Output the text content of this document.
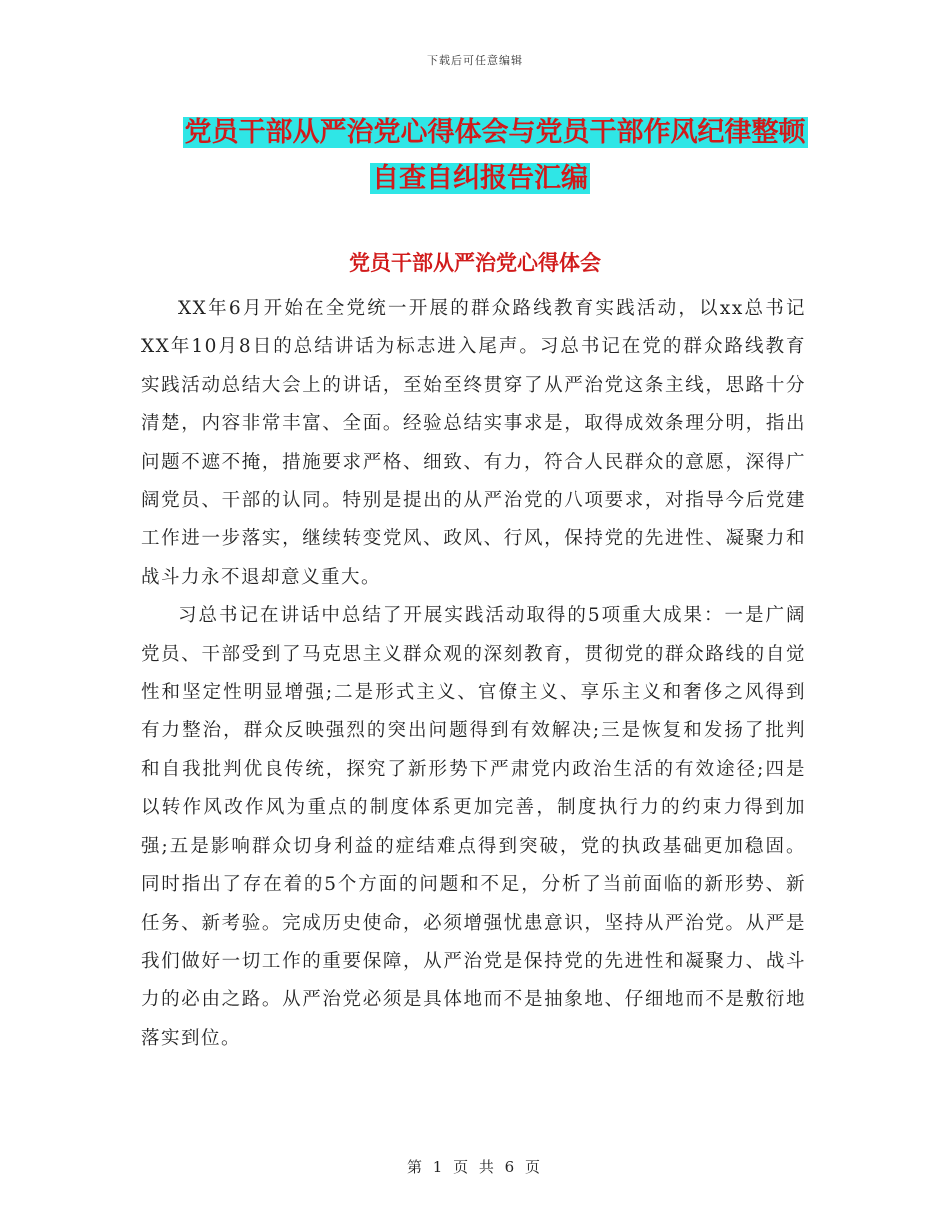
下载后可任意编辑
党员干部从严治党心得体会与党员干部作风纪律整顿
自查自纠报告汇编
党员干部从严治党心得体会

XX年6月开始在全党统一开展的群众路线教育实践活动，以xx总书记XX年10月8日的总结讲话为标志进入尾声。习总书记在党的群众路线教育实践活动总结大会上的讲话，至始至终贯穿了从严治党这条主线，思路十分清楚，内容非常丰富、全面。经验总结实事求是，取得成效条理分明，指出问题不遮不掩，措施要求严格、细致、有力，符合人民群众的意愿，深得广阔党员、干部的认同。特别是提出的从严治党的八项要求，对指导今后党建工作进一步落实，继续转变党风、政风、行风，保持党的先进性、凝聚力和战斗力永不退却意义重大。

习总书记在讲话中总结了开展实践活动取得的5项重大成果：一是广阔党员、干部受到了马克思主义群众观的深刻教育，贯彻党的群众路线的自觉性和坚定性明显增强;二是形式主义、官僚主义、享乐主义和奢侈之风得到有力整治，群众反映强烈的突出问题得到有效解决;三是恢复和发扬了批判和自我批判优良传统，探究了新形势下严肃党内政治生活的有效途径;四是以转作风改作风为重点的制度体系更加完善，制度执行力的约束力得到加强;五是影响群众切身利益的症结难点得到突破，党的执政基础更加稳固。同时指出了存在着的5个方面的问题和不足，分析了当前面临的新形势、新任务、新考验。完成历史使命，必须增强忧患意识，坚持从严治党。从严是我们做好一切工作的重要保障，从严治党是保持党的先进性和凝聚力、战斗力的必由之路。从严治党必须是具体地而不是抽象地、仔细地而不是敷衍地落实到位。

第 1 页 共 6 页
